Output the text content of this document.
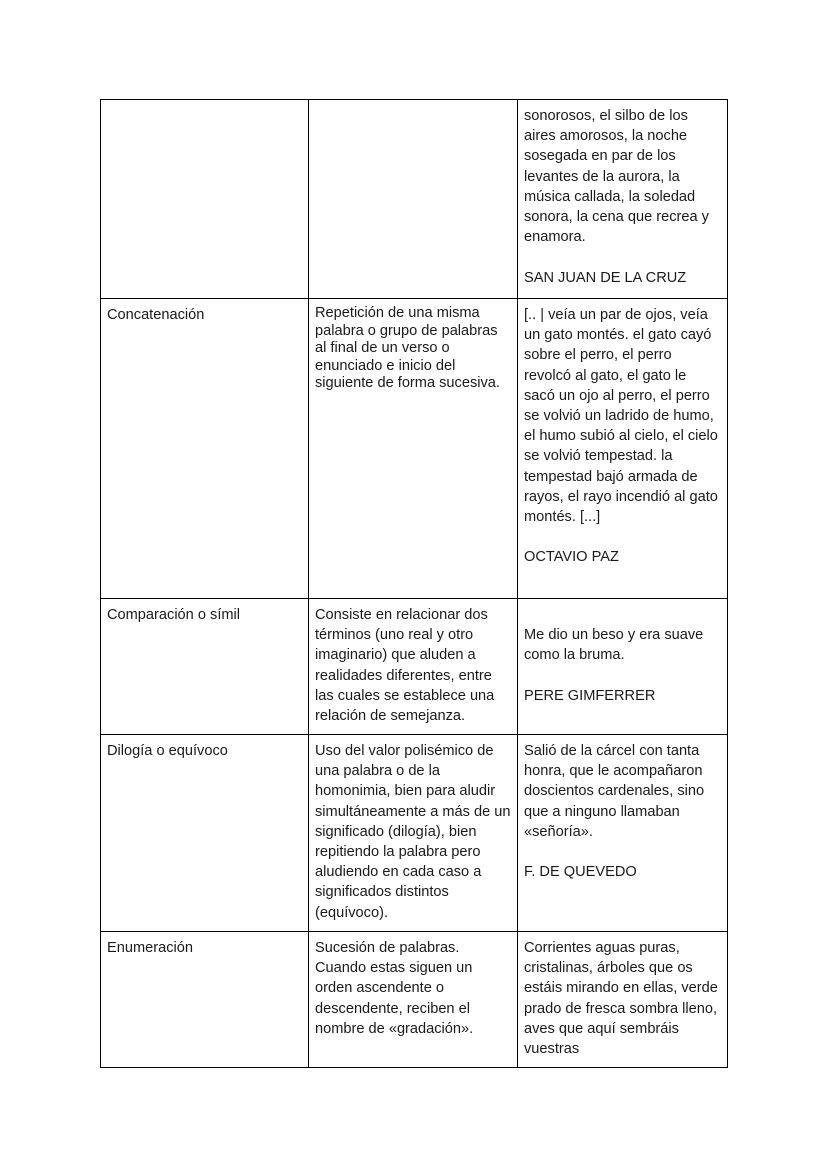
		sonorosos, el silbo de los aires amorosos, la noche sosegada en par de los levantes de la aurora, la música callada, la soledad sonora, la cena que recrea y enamora.
SAN JUAN DE LA CRUZ

Concatenación	Repetición de una misma palabra o grupo de palabras al final de un verso o enunciado e inicio del siguiente de forma sucesiva.	[.. | veía un par de ojos, veía un gato montés. el gato cayó sobre el perro, el perro revolcó al gato, el gato le sacó un ojo al perro, el perro se volvió un ladrido de humo, el humo subió al cielo, el cielo se volvió tempestad. la tempestad bajó armada de rayos, el rayo incendió al gato montés. [...]
OCTAVIO PAZ

Comparación o símil	Consiste en relacionar dos términos (uno real y otro imaginario) que aluden a realidades diferentes, entre las cuales se establece una relación de semejanza.	Me dio un beso y era suave como la bruma.
PERE GIMFERRER

Dilogía o equívoco	Uso del valor polisémico de una palabra o de la homonimia, bien para aludir simultáneamente a más de un significado (dilogía), bien repitiendo la palabra pero aludiendo en cada caso a significados distintos (equívoco).	Salió de la cárcel con tanta honra, que le acompañaron doscientos cardenales, sino que a ninguno llamaban «señoría».
F. DE QUEVEDO

Enumeración	Sucesión de palabras. Cuando estas siguen un orden ascendente o descendente, reciben el nombre de «gradación».	Corrientes aguas puras, cristalinas, árboles que os estáis mirando en ellas, verde prado de fresca sombra lleno, aves que aquí sembráis vuestras
